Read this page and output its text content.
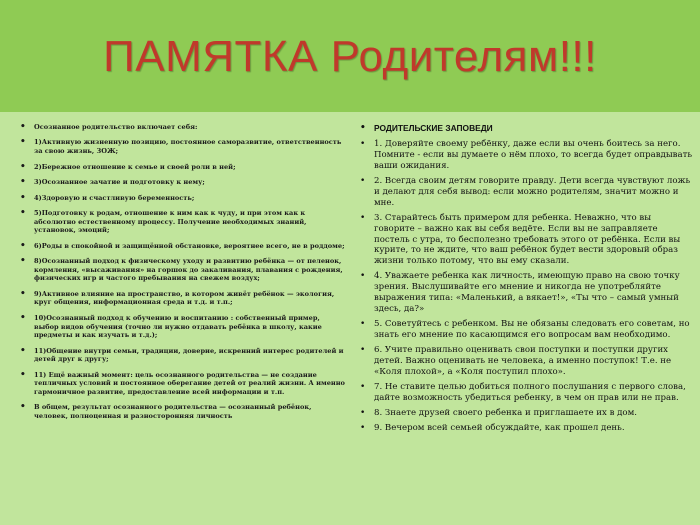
ПАМЯТКА Родителям!!!
• Осознанное родительство включает себя:
• 1)Активную жизненную позицию, постоянное саморазвитие, ответственность за свою жизнь, ЗОЖ;
• 2)Бережное отношение к семье и своей роли в ней;
• 3)Осознанное зачатие и подготовку к нему;
• 4)Здоровую и счастливую беременность;
• 5)Подготовку к родам, отношение к ним как к чуду, и при этом как к абсолютно естественному процессу. Получение необходимых знаний, установок, эмоций;
• 6)Роды в спокойной и защищённой обстановке, вероятнее всего, не в роддоме;
• 8)Осознанный подход к физическому уходу и развитию ребёнка — от пеленок, кормления, «высаживания» на горшок до закаливания, плавания с рождения, физических игр и частого пребывания на свежем воздух;
• 9)Активное влияние на пространство, в котором живёт ребёнок — экология, круг общения, информационная среда и т.д. и т.п.;
• 10)Осознанный подход к обучению и воспитанию : собственный пример, выбор видов обучения (точно ли нужно отдавать ребёнка в школу, какие предметы и как изучать и т.д.);
• 11)Общение внутри семьи, традиции, доверие, искренний интерес родителей и детей друг к другу;
• 11) Ещё важный момент: цель осознанного родительства — не создание тепличных условий и постоянное оберегание детей от реалий жизни. А именно гармоничное развитие, предоставление всей информации и т.п.
• В общем, результат осознанного родительства — осознанный ребёнок, человек, полноценная и разносторонняя личность
• РОДИТЕЛЬСКИЕ ЗАПОВЕДИ
• 1. Доверяйте своему ребёнку, даже если вы очень боитесь за него. Помните - если вы думаете о нём плохо, то всегда будет оправдывать ваши ожидания.
• 2. Всегда своим детям говорите правду. Дети всегда чувствуют ложь и делают для себя вывод: если можно родителям, значит можно и мне.
• 3. Старайтесь быть примером для ребенка. Неважно, что вы говорите – важно как вы себя ведёте. Если вы не заправляете постель с утра, то бесполезно требовать этого от ребёнка. Если вы курите, то не ждите, что ваш ребёнок будет вести здоровый образ жизни только потому, что вы ему сказали.
• 4. Уважаете ребенка как личность, имеющую право на свою точку зрения. Выслушивайте его мнение и никогда не употребляйте выражения типа: «Маленький, а вякает!», «Ты что – самый умный здесь, да?»
• 5. Советуйтесь с ребенком. Вы не обязаны следовать его советам, но знать его мнение по касающимся его вопросам вам необходимо.
• 6. Учите правильно оценивать свои поступки и поступки других детей. Важно оценивать не человека, а именно поступок! Т.е. не «Коля плохой», а «Коля поступил плохо».
• 7. Не ставите целью добиться полного послушания с первого слова, дайте возможность убедиться ребенку, в чем он прав или не прав.
• 8. Знаете друзей своего ребенка и приглашаете их в дом.
• 9. Вечером всей семьей обсуждайте, как прошел день.
